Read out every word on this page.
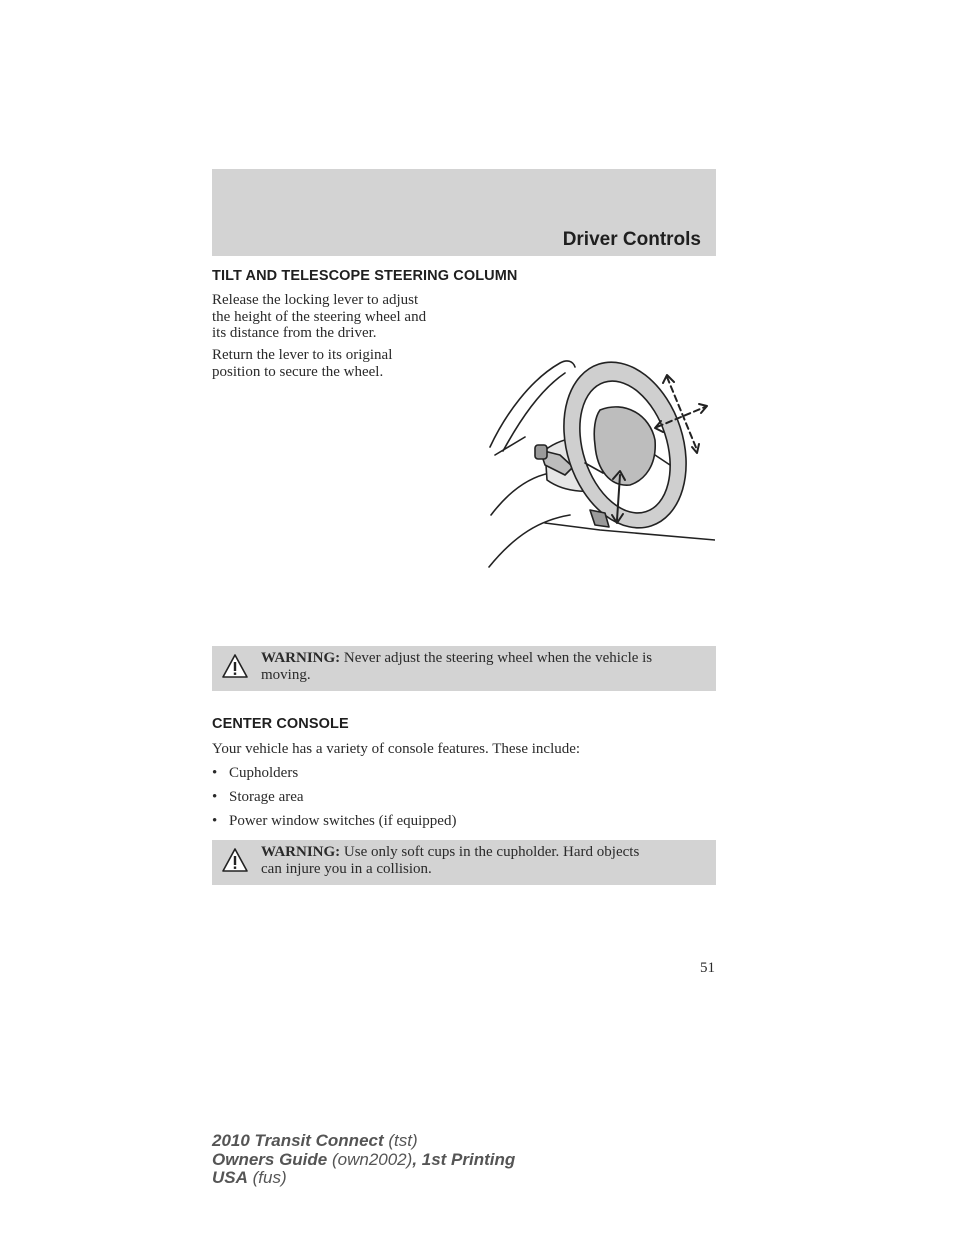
Driver Controls
TILT AND TELESCOPE STEERING COLUMN
Release the locking lever to adjust
the height of the steering wheel and
its distance from the driver.
Return the lever to its original
position to secure the wheel.
WARNING: Never adjust the steering wheel when the vehicle is
moving.
CENTER CONSOLE
Your vehicle has a variety of console features. These include:
• Cupholders
• Storage area
• Power window switches (if equipped)
WARNING: Use only soft cups in the cupholder. Hard objects
can injure you in a collision.
51
2010 Transit Connect (tst)
Owners Guide (own2002), 1st Printing
USA (fus)
